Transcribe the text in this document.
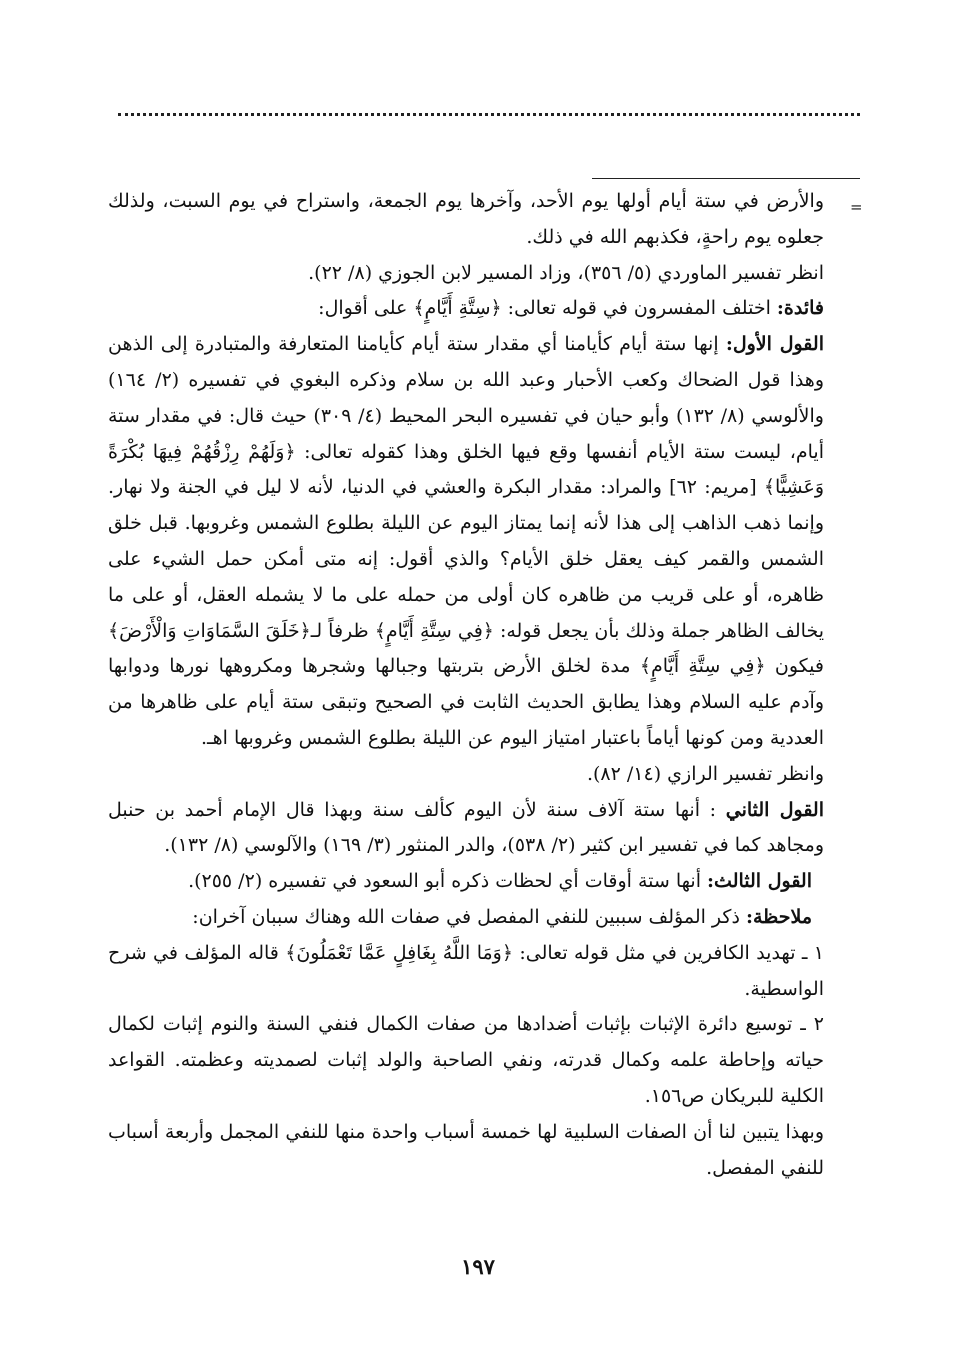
=

والأرض في ستة أيام أولها يوم الأحد، وآخرها يوم الجمعة، واستراح في يوم السبت، ولذلك جعلوه يوم راحةٍ، فكذبهم الله في ذلك.

انظر تفسير الماوردي (٥/ ٣٥٦)، وزاد المسير لابن الجوزي (٨/ ٢٢).

فائدة: اختلف المفسرون في قوله تعالى: ﴿سِتَّةِ أَيَّامٍ﴾ على أقوال:

القول الأول: إنها ستة أيام كأيامنا أي مقدار ستة أيام كأيامنا المتعارفة والمتبادرة إلى الذهن وهذا قول الضحاك وكعب الأحبار وعبد الله بن سلام وذكره البغوي في تفسيره (٢/ ١٦٤) والألوسي (٨/ ١٣٢) وأبو حيان في تفسيره البحر المحيط (٤/ ٣٠٩) حيث قال: في مقدار ستة أيام، ليست ستة الأيام أنفسها وقع فيها الخلق وهذا كقوله تعالى: ﴿وَلَهُمْ رِزْقُهُمْ فِيهَا بُكْرَةً وَعَشِيًّا﴾ [مريم: ٦٢] والمراد: مقدار البكرة والعشي في الدنيا، لأنه لا ليل في الجنة ولا نهار. وإنما ذهب الذاهب إلى هذا لأنه إنما يمتاز اليوم عن الليلة بطلوع الشمس وغروبها. قبل خلق الشمس والقمر كيف يعقل خلق الأيام؟ والذي أقول: إنه متى أمكن حمل الشيء على ظاهره، أو على قريب من ظاهره كان أولى من حمله على ما لا يشمله العقل، أو على ما يخالف الظاهر جملة وذلك بأن يجعل قوله: ﴿فِي سِتَّةِ أَيَّامٍ﴾ ظرفاً لـ﴿خَلَقَ السَّمَاوَاتِ وَالْأَرْضَ﴾ فيكون ﴿فِي سِتَّةِ أَيَّامٍ﴾ مدة لخلق الأرض بتربتها وجبالها وشجرها ومكروهها نورها ودوابها وآدم عليه السلام وهذا يطابق الحديث الثابت في الصحيح وتبقى ستة أيام على ظاهرها من العددية ومن كونها أياماً باعتبار امتياز اليوم عن الليلة بطلوع الشمس وغروبها اهـ.

وانظر تفسير الرازي (١٤/ ٨٢).

القول الثاني : أنها ستة آلاف سنة لأن اليوم كألف سنة وبهذا قال الإمام أحمد بن حنبل ومجاهد كما في تفسير ابن كثير (٢/ ٥٣٨)، والدر المنثور (٣/ ١٦٩) والآلوسي (٨/ ١٣٢).

القول الثالث: أنها ستة أوقات أي لحظات ذكره أبو السعود في تفسيره (٢/ ٢٥٥).

ملاحظة: ذكر المؤلف سببين للنفي المفصل في صفات الله وهناك سببان آخران:

١ ـ تهديد الكافرين في مثل قوله تعالى: ﴿وَمَا اللَّهُ بِغَافِلٍ عَمَّا تَعْمَلُونَ﴾ قاله المؤلف في شرح الواسطية.

٢ ـ توسيع دائرة الإثبات بإثبات أضدادها من صفات الكمال فنفي السنة والنوم إثبات لكمال حياته وإحاطة علمه وكمال قدرته، ونفي الصاحبة والولد إثبات لصمديته وعظمته. القواعد الكلية للبريكان ص١٥٦.

وبهذا يتبين لنا أن الصفات السلبية لها خمسة أسباب واحدة منها للنفي المجمل وأربعة أسباب للنفي المفصل.

١٩٧
